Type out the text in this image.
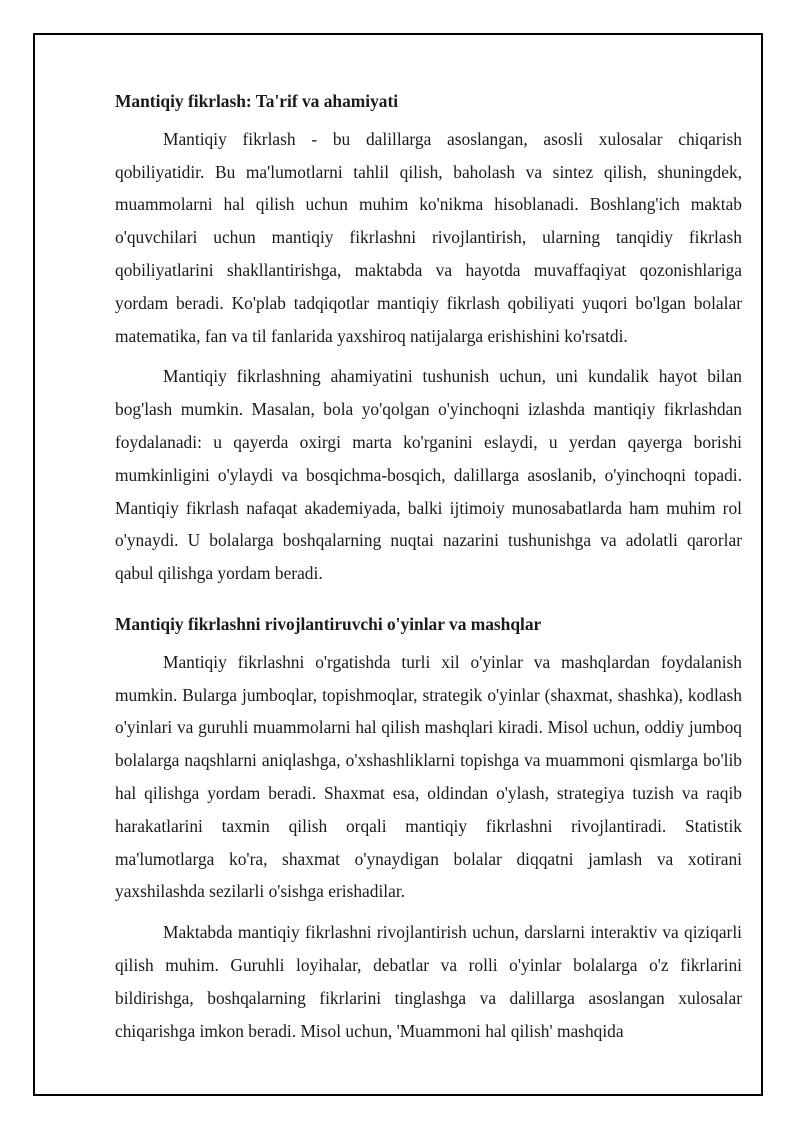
Mantiqiy fikrlash: Ta'rif va ahamiyati

Mantiqiy fikrlash - bu dalillarga asoslangan, asosli xulosalar chiqarish qobiliyatidir. Bu ma'lumotlarni tahlil qilish, baholash va sintez qilish, shuningdek, muammolarni hal qilish uchun muhim ko'nikma hisoblanadi. Boshlang'ich maktab o'quvchilari uchun mantiqiy fikrlashni rivojlantirish, ularning tanqidiy fikrlash qobiliyatlarini shakllantirishga, maktabda va hayotda muvaffaqiyat qozonishlariga yordam beradi. Ko'plab tadqiqotlar mantiqiy fikrlash qobiliyati yuqori bo'lgan bolalar matematika, fan va til fanlarida yaxshiroq natijalarga erishishini ko'rsatdi.

Mantiqiy fikrlashning ahamiyatini tushunish uchun, uni kundalik hayot bilan bog'lash mumkin. Masalan, bola yo'qolgan o'yinchoqni izlashda mantiqiy fikrlashdan foydalanadi: u qayerda oxirgi marta ko'rganini eslaydi, u yerdan qayerga borishi mumkinligini o'ylaydi va bosqichma-bosqich, dalillarga asoslanib, o'yinchoqni topadi. Mantiqiy fikrlash nafaqat akademiyada, balki ijtimoiy munosabatlarda ham muhim rol o'ynaydi. U bolalarga boshqalarning nuqtai nazarini tushunishga va adolatli qarorlar qabul qilishga yordam beradi.

Mantiqiy fikrlashni rivojlantiruvchi o'yinlar va mashqlar

Mantiqiy fikrlashni o'rgatishda turli xil o'yinlar va mashqlardan foydalanish mumkin. Bularga jumboqlar, topishmoqlar, strategik o'yinlar (shaxmat, shashka), kodlash o'yinlari va guruhli muammolarni hal qilish mashqlari kiradi. Misol uchun, oddiy jumboq bolalarga naqshlarni aniqlashga, o'xshashliklarni topishga va muammoni qismlarga bo'lib hal qilishga yordam beradi. Shaxmat esa, oldindan o'ylash, strategiya tuzish va raqib harakatlarini taxmin qilish orqali mantiqiy fikrlashni rivojlantiradi. Statistik ma'lumotlarga ko'ra, shaxmat o'ynaydigan bolalar diqqatni jamlash va xotirani yaxshilashda sezilarli o'sishga erishadilar.

Maktabda mantiqiy fikrlashni rivojlantirish uchun, darslarni interaktiv va qiziqarli qilish muhim. Guruhli loyihalar, debatlar va rolli o'yinlar bolalarga o'z fikrlarini bildirishga, boshqalarning fikrlarini tinglashga va dalillarga asoslangan xulosalar chiqarishga imkon beradi. Misol uchun, 'Muammoni hal qilish' mashqida
